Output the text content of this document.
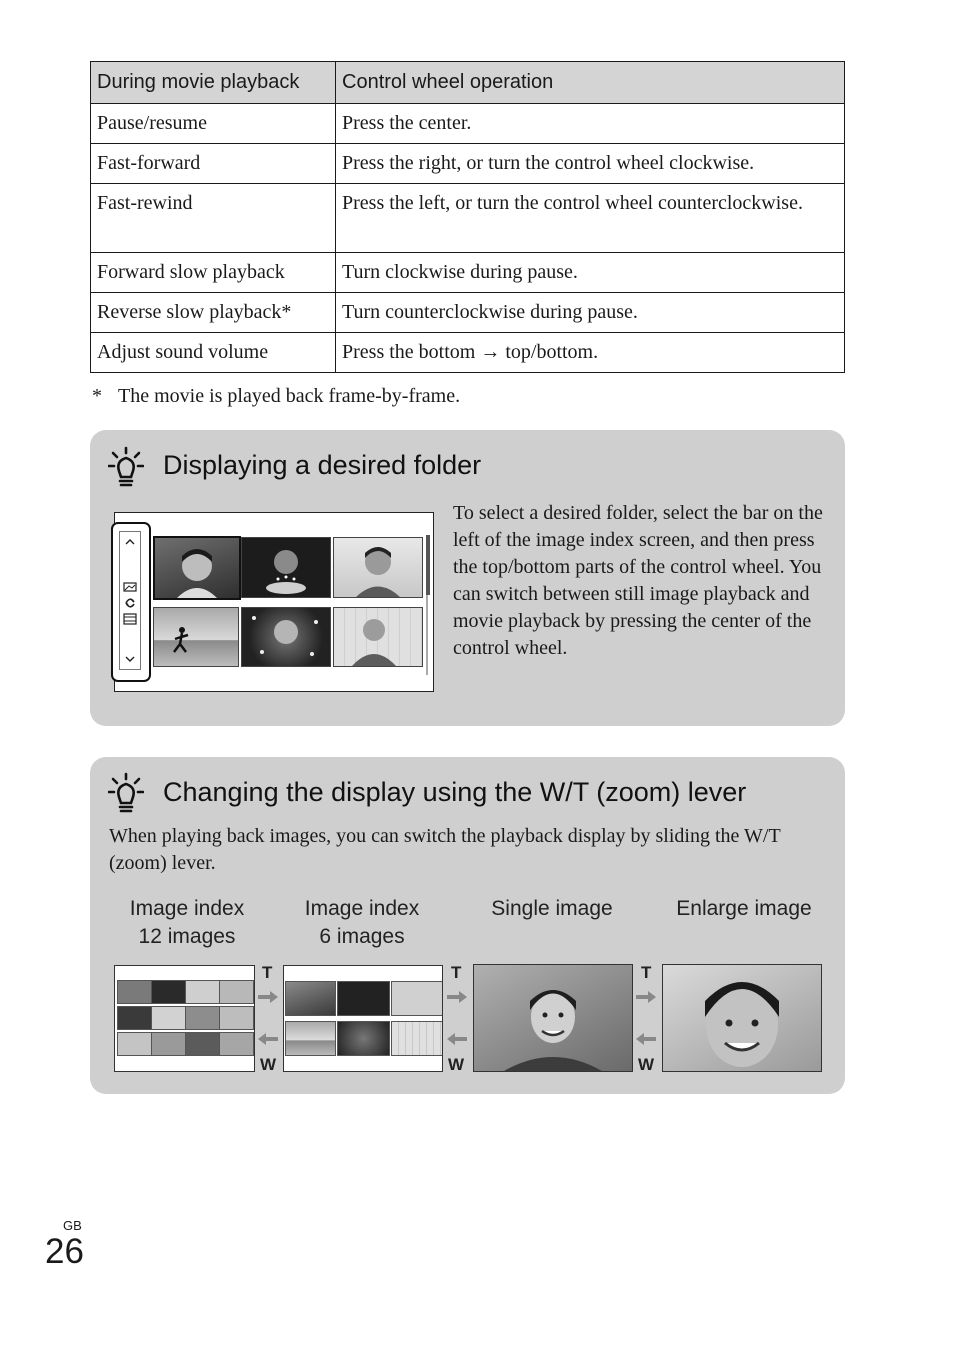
During movie playback	Control wheel operation
Pause/resume	Press the center.
Fast-forward	Press the right, or turn the control wheel clockwise.
Fast-rewind	Press the left, or turn the control wheel counterclockwise.
Forward slow playback	Turn clockwise during pause.
Reverse slow playback*	Turn counterclockwise during pause.
Adjust sound volume	Press the bottom → top/bottom.
* The movie is played back frame-by-frame.
Displaying a desired folder
To select a desired folder, select the bar on the left of the image index screen, and then press the top/bottom parts of the control wheel. You can switch between still image playback and movie playback by pressing the center of the control wheel.
Changing the display using the W/T (zoom) lever
When playing back images, you can switch the playback display by sliding the W/T (zoom) lever.
Image index
12 images
Image index
6 images
Single image	Enlarge image
T
W
T
W
T
W
GB
26
